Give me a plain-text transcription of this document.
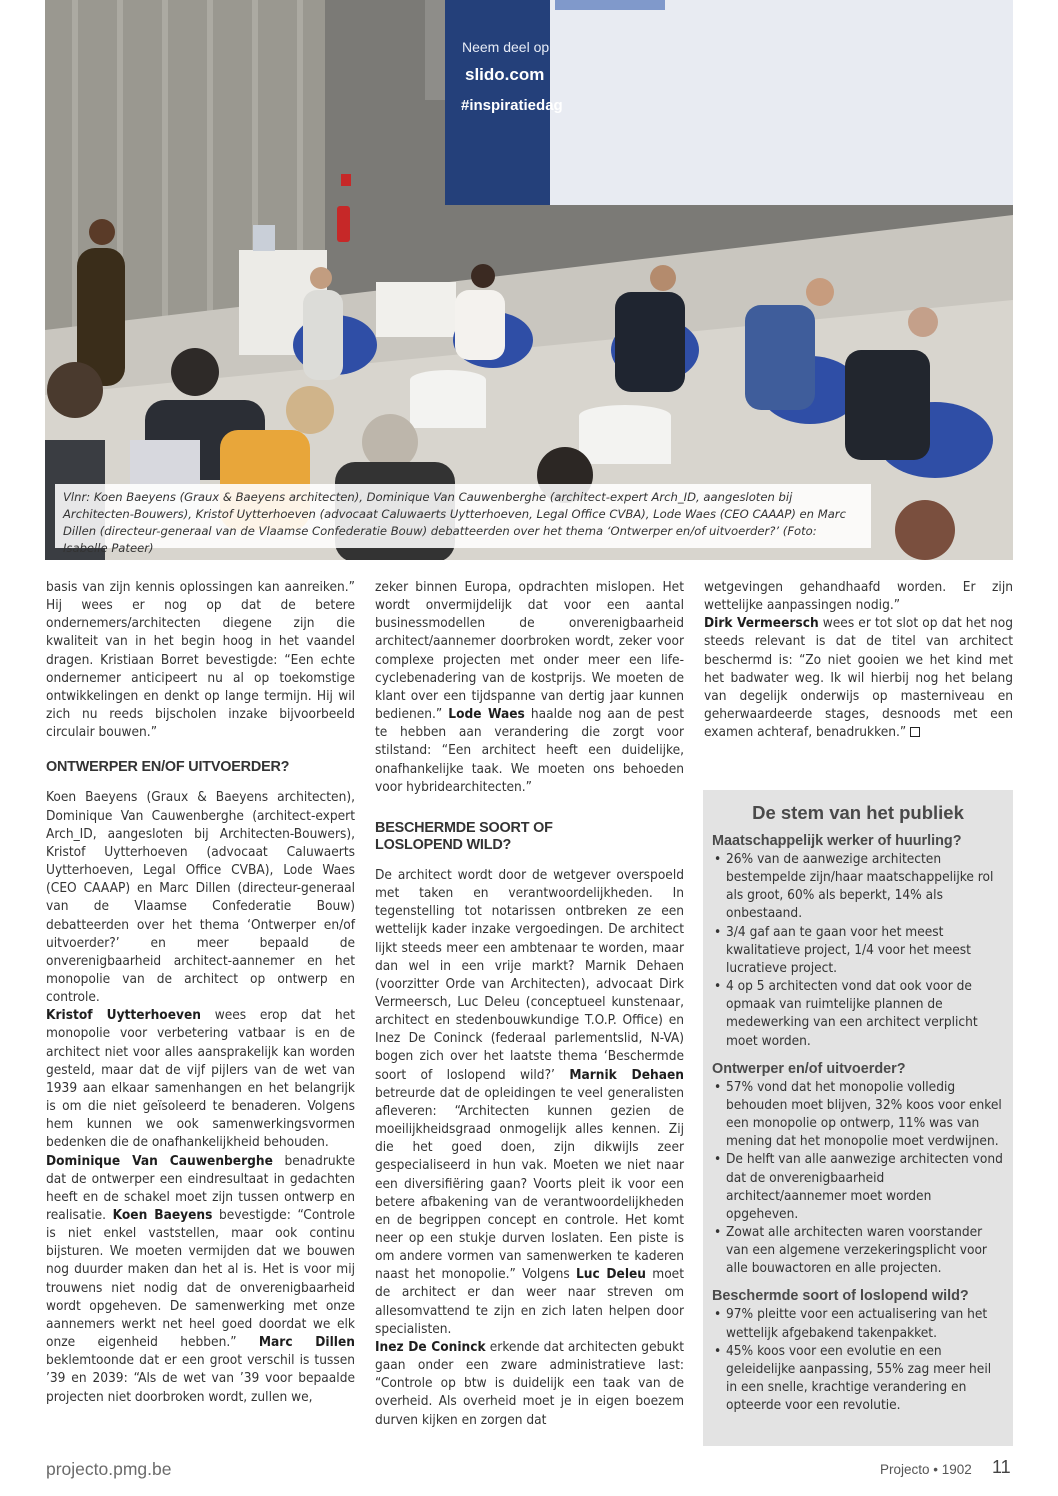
Neem deel op
slido.com
#inspiratiedag
Vlnr: Koen Baeyens (Graux & Baeyens architecten), Dominique Van Cauwenberghe (architect-expert Arch_ID, aangesloten bij Architecten-Bouwers), Kristof Uytterhoeven (advocaat Caluwaerts Uytterhoeven, Legal Office CVBA), Lode Waes (CEO CAAAP) en Marc Dillen (directeur-generaal van de Vlaamse Confederatie Bouw) debatteerden over het thema ‘Ontwerper en/of uitvoerder?’ (Foto: Isabelle Pateer)

basis van zijn kennis oplossingen kan aanreiken.” Hij wees er nog op dat de betere ondernemers/architecten diegene zijn die kwaliteit van in het begin hoog in het vaandel dragen. Kristiaan Borret bevestigde: “Een echte ondernemer anticipeert nu al op toekomstige ontwikkelingen en denkt op lange termijn. Hij wil zich nu reeds bijscholen inzake bijvoorbeeld circulair bouwen.”

ONTWERPER EN/OF UITVOERDER?

Koen Baeyens (Graux & Baeyens architecten), Dominique Van Cauwenberghe (architect-expert Arch_ID, aangesloten bij Architecten-Bouwers), Kristof Uytterhoeven (advocaat Caluwaerts Uytterhoeven, Legal Office CVBA), Lode Waes (CEO CAAAP) en Marc Dillen (directeur-generaal van de Vlaamse Confederatie Bouw) debatteerden over het thema ‘Ontwerper en/of uitvoerder?’ en meer bepaald de onverenigbaarheid architect-aannemer en het monopolie van de architect op ontwerp en controle.

Kristof Uytterhoeven wees erop dat het monopolie voor verbetering vatbaar is en de architect niet voor alles aansprakelijk kan worden gesteld, maar dat de vijf pijlers van de wet van 1939 aan elkaar samenhangen en het belangrijk is om die niet geïsoleerd te benaderen. Volgens hem kunnen we ook samenwerkingsvormen bedenken die de onafhankelijkheid behouden.

Dominique Van Cauwenberghe benadrukte dat de ontwerper een eindresultaat in gedachten heeft en de schakel moet zijn tussen ontwerp en realisatie. Koen Baeyens bevestigde: “Controle is niet enkel vaststellen, maar ook continu bijsturen. We moeten vermijden dat we bouwen nog duurder maken dan het al is. Het is voor mij trouwens niet nodig dat de onverenigbaarheid wordt opgeheven. De samenwerking met onze aannemers werkt net heel goed doordat we elk onze eigenheid hebben.” Marc Dillen beklemtoonde dat er een groot verschil is tussen ’39 en 2039: “Als de wet van ’39 voor bepaalde projecten niet doorbroken wordt, zullen we,

zeker binnen Europa, opdrachten mislopen. Het wordt onvermijdelijk dat voor een aantal businessmodellen de onverenigbaarheid architect/aannemer doorbroken wordt, zeker voor complexe projecten met onder meer een life-cyclebenadering van de kostprijs. We moeten de klant over een tijdspanne van dertig jaar kunnen bedienen.” Lode Waes haalde nog aan de pest te hebben aan verandering die zorgt voor stilstand: “Een architect heeft een duidelijke, onafhankelijke taak. We moeten ons behoeden voor hybridearchitecten.”

BESCHERMDE SOORT OF LOSLOPEND WILD?

De architect wordt door de wetgever overspoeld met taken en verantwoordelijkheden. In tegenstelling tot notarissen ontbreken ze een wettelijk kader inzake vergoedingen. De architect lijkt steeds meer een ambtenaar te worden, maar dan wel in een vrije markt? Marnik Dehaen (voorzitter Orde van Architecten), advocaat Dirk Vermeersch, Luc Deleu (conceptueel kunstenaar, architect en stedenbouwkundige T.O.P. Office) en Inez De Coninck (federaal parlementslid, N-VA) bogen zich over het laatste thema ‘Beschermde soort of loslopend wild?’ Marnik Dehaen betreurde dat de opleidingen te veel generalisten afleveren: “Architecten kunnen gezien de moeilijkheidsgraad onmogelijk alles kennen. Zij die het goed doen, zijn dikwijls zeer gespecialiseerd in hun vak. Moeten we niet naar een diversifiëring gaan? Voorts pleit ik voor een betere afbakening van de verantwoordelijkheden en de begrippen concept en controle. Het komt neer op een stukje durven loslaten. Een piste is om andere vormen van samenwerken te kaderen naast het monopolie.” Volgens Luc Deleu moet de architect er dan weer naar streven om allesomvattend te zijn en zich laten helpen door specialisten.

Inez De Coninck erkende dat architecten gebukt gaan onder een zware administratieve last: “Controle op btw is duidelijk een taak van de overheid. Als overheid moet je in eigen boezem durven kijken en zorgen dat

wetgevingen gehandhaafd worden. Er zijn wettelijke aanpassingen nodig.”

Dirk Vermeersch wees er tot slot op dat het nog steeds relevant is dat de titel van architect beschermd is: “Zo niet gooien we het kind met het badwater weg. Ik wil hierbij nog het belang van degelijk onderwijs op masterniveau en geherwaardeerde stages, desnoods met een examen achteraf, benadrukken.”

De stem van het publiek
Maatschappelijk werker of huurling?
• 26% van de aanwezige architecten bestempelde zijn/haar maatschappelijke rol als groot, 60% als beperkt, 14% als onbestaand.
• 3/4 gaf aan te gaan voor het meest kwalitatieve project, 1/4 voor het meest lucratieve project.
• 4 op 5 architecten vond dat ook voor de opmaak van ruimtelijke plannen de medewerking van een architect verplicht moet worden.
Ontwerper en/of uitvoerder?
• 57% vond dat het monopolie volledig behouden moet blijven, 32% koos voor enkel een monopolie op ontwerp, 11% was van mening dat het monopolie moet verdwijnen.
• De helft van alle aanwezige architecten vond dat de onverenigbaarheid architect/aannemer moet worden opgeheven.
• Zowat alle architecten waren voorstander van een algemene verzekeringsplicht voor alle bouwactoren en alle projecten.
Beschermde soort of loslopend wild?
• 97% pleitte voor een actualisering van het wettelijk afgebakend takenpakket.
• 45% koos voor een evolutie en een geleidelijke aanpassing, 55% zag meer heil in een snelle, krachtige verandering en opteerde voor een revolutie.
projecto.pmg.be	Projecto • 1902 11
